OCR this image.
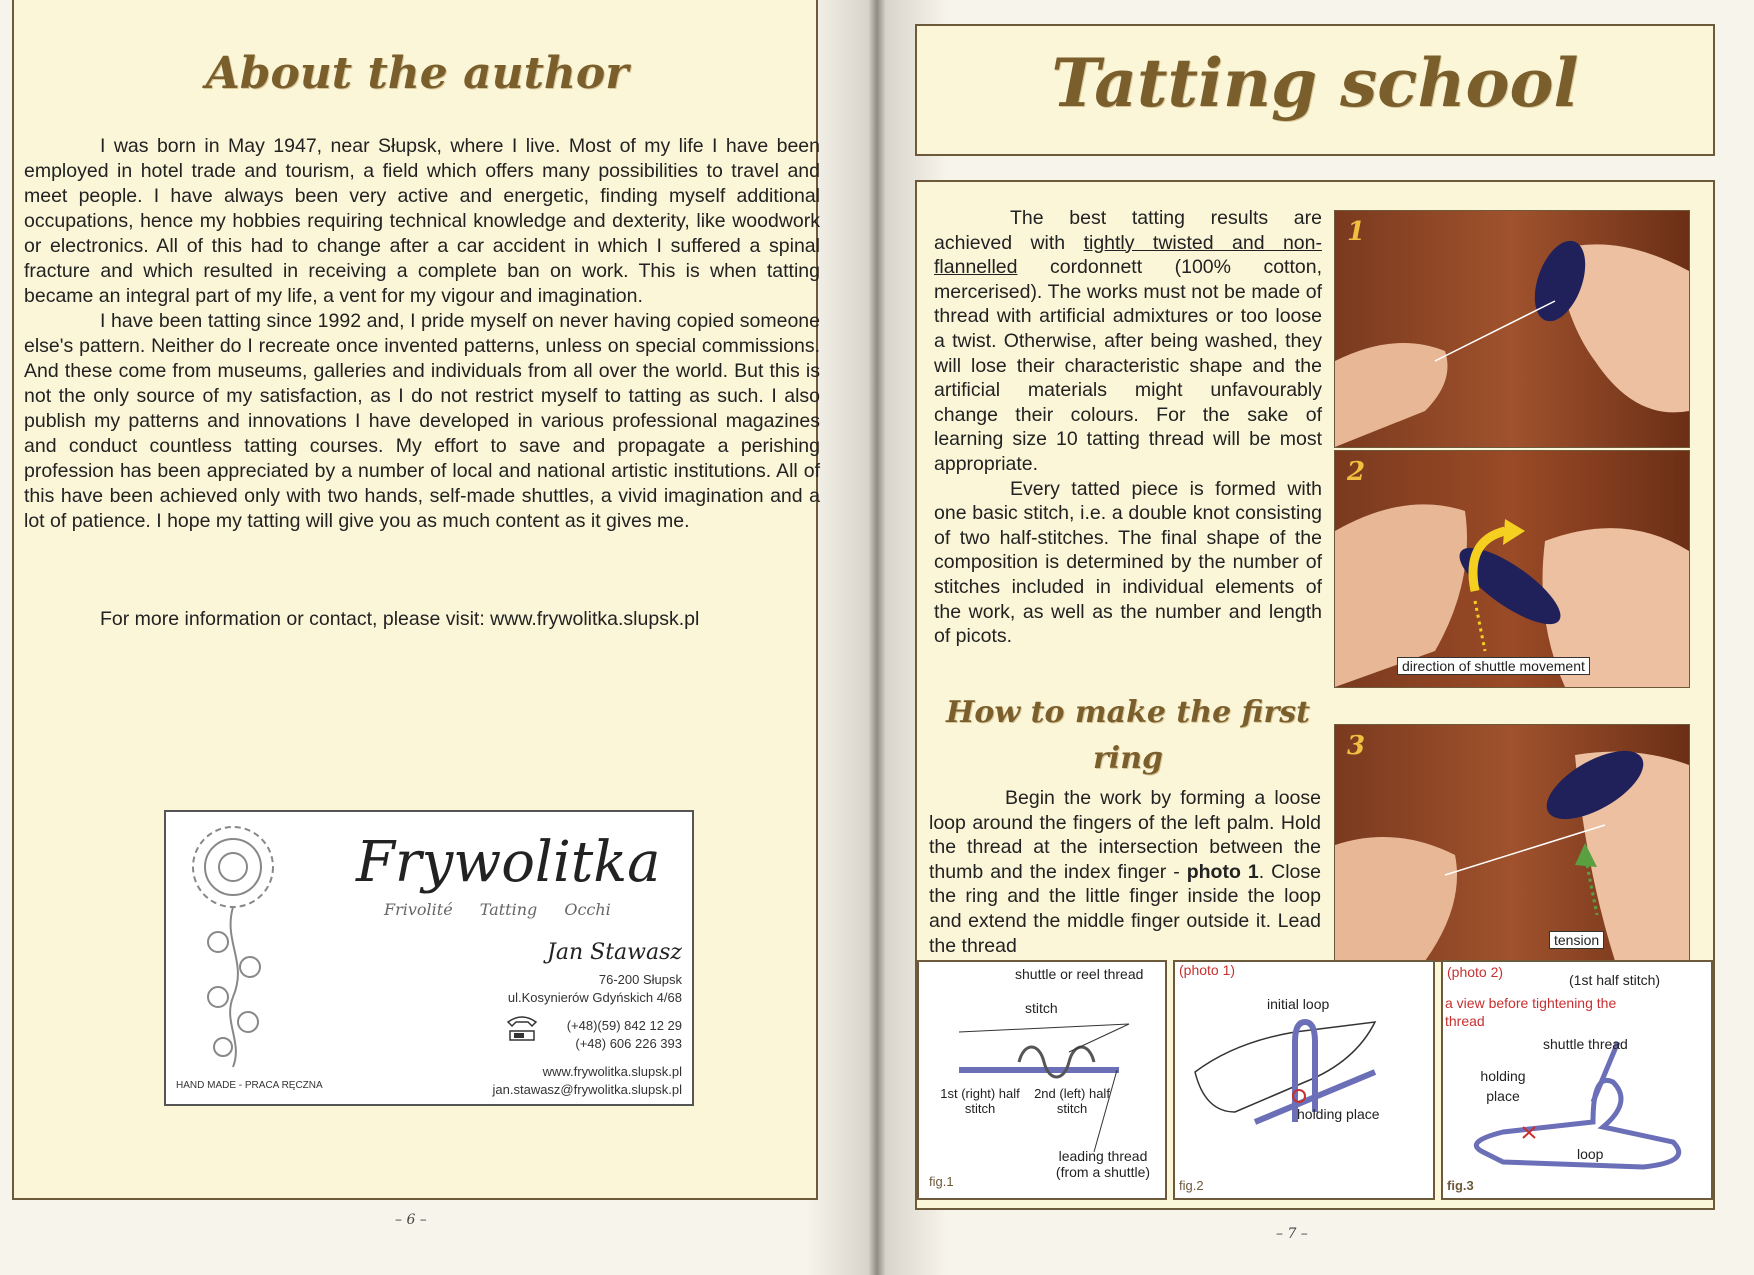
About the author

I was born in May 1947, near Słupsk, where I live. Most of my life I have been employed in hotel trade and tourism, a field which offers many possibilities to travel and meet people. I have always been very active and energetic, finding myself additional occupations, hence my hobbies requiring technical knowledge and dexterity, like woodwork or electronics. All of this had to change after a car accident in which I suffered a spinal fracture and which resulted in receiving a complete ban on work. This is when tatting became an integral part of my life, a vent for my vigour and imagination.

I have been tatting since 1992 and, I pride myself on never having copied someone else's pattern. Neither do I recreate once invented patterns, unless on special commissions. And these come from museums, galleries and individuals from all over the world. But this is not the only source of my satisfaction, as I do not restrict myself to tatting as such. I also publish my patterns and innovations I have developed in various professional magazines and conduct countless tatting courses. My effort to save and propagate a perishing profession has been appreciated by a number of local and national artistic institutions. All of this have been achieved only with two hands, self-made shuttles, a vivid imagination and a lot of patience. I hope my tatting will give you as much content as it gives me.

For more information or contact, please visit: www.frywolitka.slupsk.pl
Frywolitka
Frivolité Tatting Occhi
Jan Stawasz
76-200 Słupsk
ul.Kosynierów Gdyńskich 4/68
(+48)(59) 842 12 29
(+48) 606 226 393
www.frywolitka.slupsk.pl
jan.stawasz@frywolitka.slupsk.pl
HAND MADE - PRACA RĘCZNA
– 6 –
Tatting school

The best tatting results are achieved with tightly twisted and non-flannelled cordonnett (100% cotton, mercerised). The works must not be made of thread with artificial admixtures or too loose a twist. Otherwise, after being washed, they will lose their characteristic shape and the artificial materials might unfavourably change their colours. For the sake of learning size 10 tatting thread will be most appropriate.

Every tatted piece is formed with one basic stitch, i.e. a double knot consisting of two half-stitches. The final shape of the composition is determined by the number of stitches included in individual elements of the work, as well as the number and length of picots.

How to make the first ring

Begin the work by forming a loose loop around the fingers of the left palm. Hold the thread at the intersection between the thumb and the index finger - photo 1. Close the ring and the little finger inside the loop and extend the middle finger outside it. Lead the thread

1
2
direction of shuttle movement
3
tension
shuttle or reel thread
stitch
1st (right) half stitch
2nd (left) half stitch
leading thread (from a shuttle)
fig.1
(photo 1)
initial loop
holding place
fig.2
(photo 2)	(1st half stitch)
a view before tightening the thread
shuttle thread
holding place
loop
fig.3
– 7 –
